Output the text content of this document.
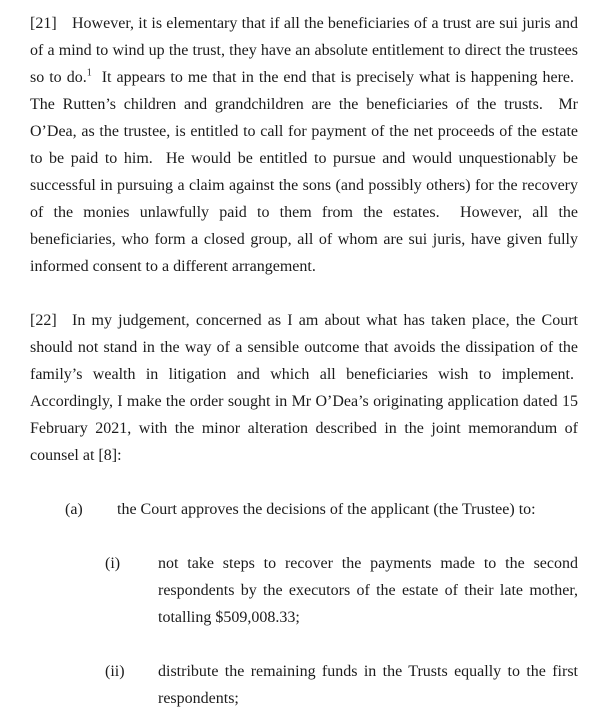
[21] However, it is elementary that if all the beneficiaries of a trust are sui juris and of a mind to wind up the trust, they have an absolute entitlement to direct the trustees so to do.$^1$  It appears to me that in the end that is precisely what is happening here.  The Rutten’s children and grandchildren are the beneficiaries of the trusts.  Mr O’Dea, as the trustee, is entitled to call for payment of the net proceeds of the estate to be paid to him.  He would be entitled to pursue and would unquestionably be successful in pursuing a claim against the sons (and possibly others) for the recovery of the monies unlawfully paid to them from the estates.  However, all the beneficiaries, who form a closed group, all of whom are sui juris, have given fully informed consent to a different arrangement.

[22] In my judgement, concerned as I am about what has taken place, the Court should not stand in the way of a sensible outcome that avoids the dissipation of the family’s wealth in litigation and which all beneficiaries wish to implement.  Accordingly, I make the order sought in Mr O’Dea’s originating application dated 15 February 2021, with the minor alteration described in the joint memorandum of counsel at [8]:

(a) the Court approves the decisions of the applicant (the Trustee) to:
(i) not take steps to recover the payments made to the second respondents by the executors of the estate of their late mother, totalling $509,008.33;
(ii) distribute the remaining funds in the Trusts equally to the first respondents;
